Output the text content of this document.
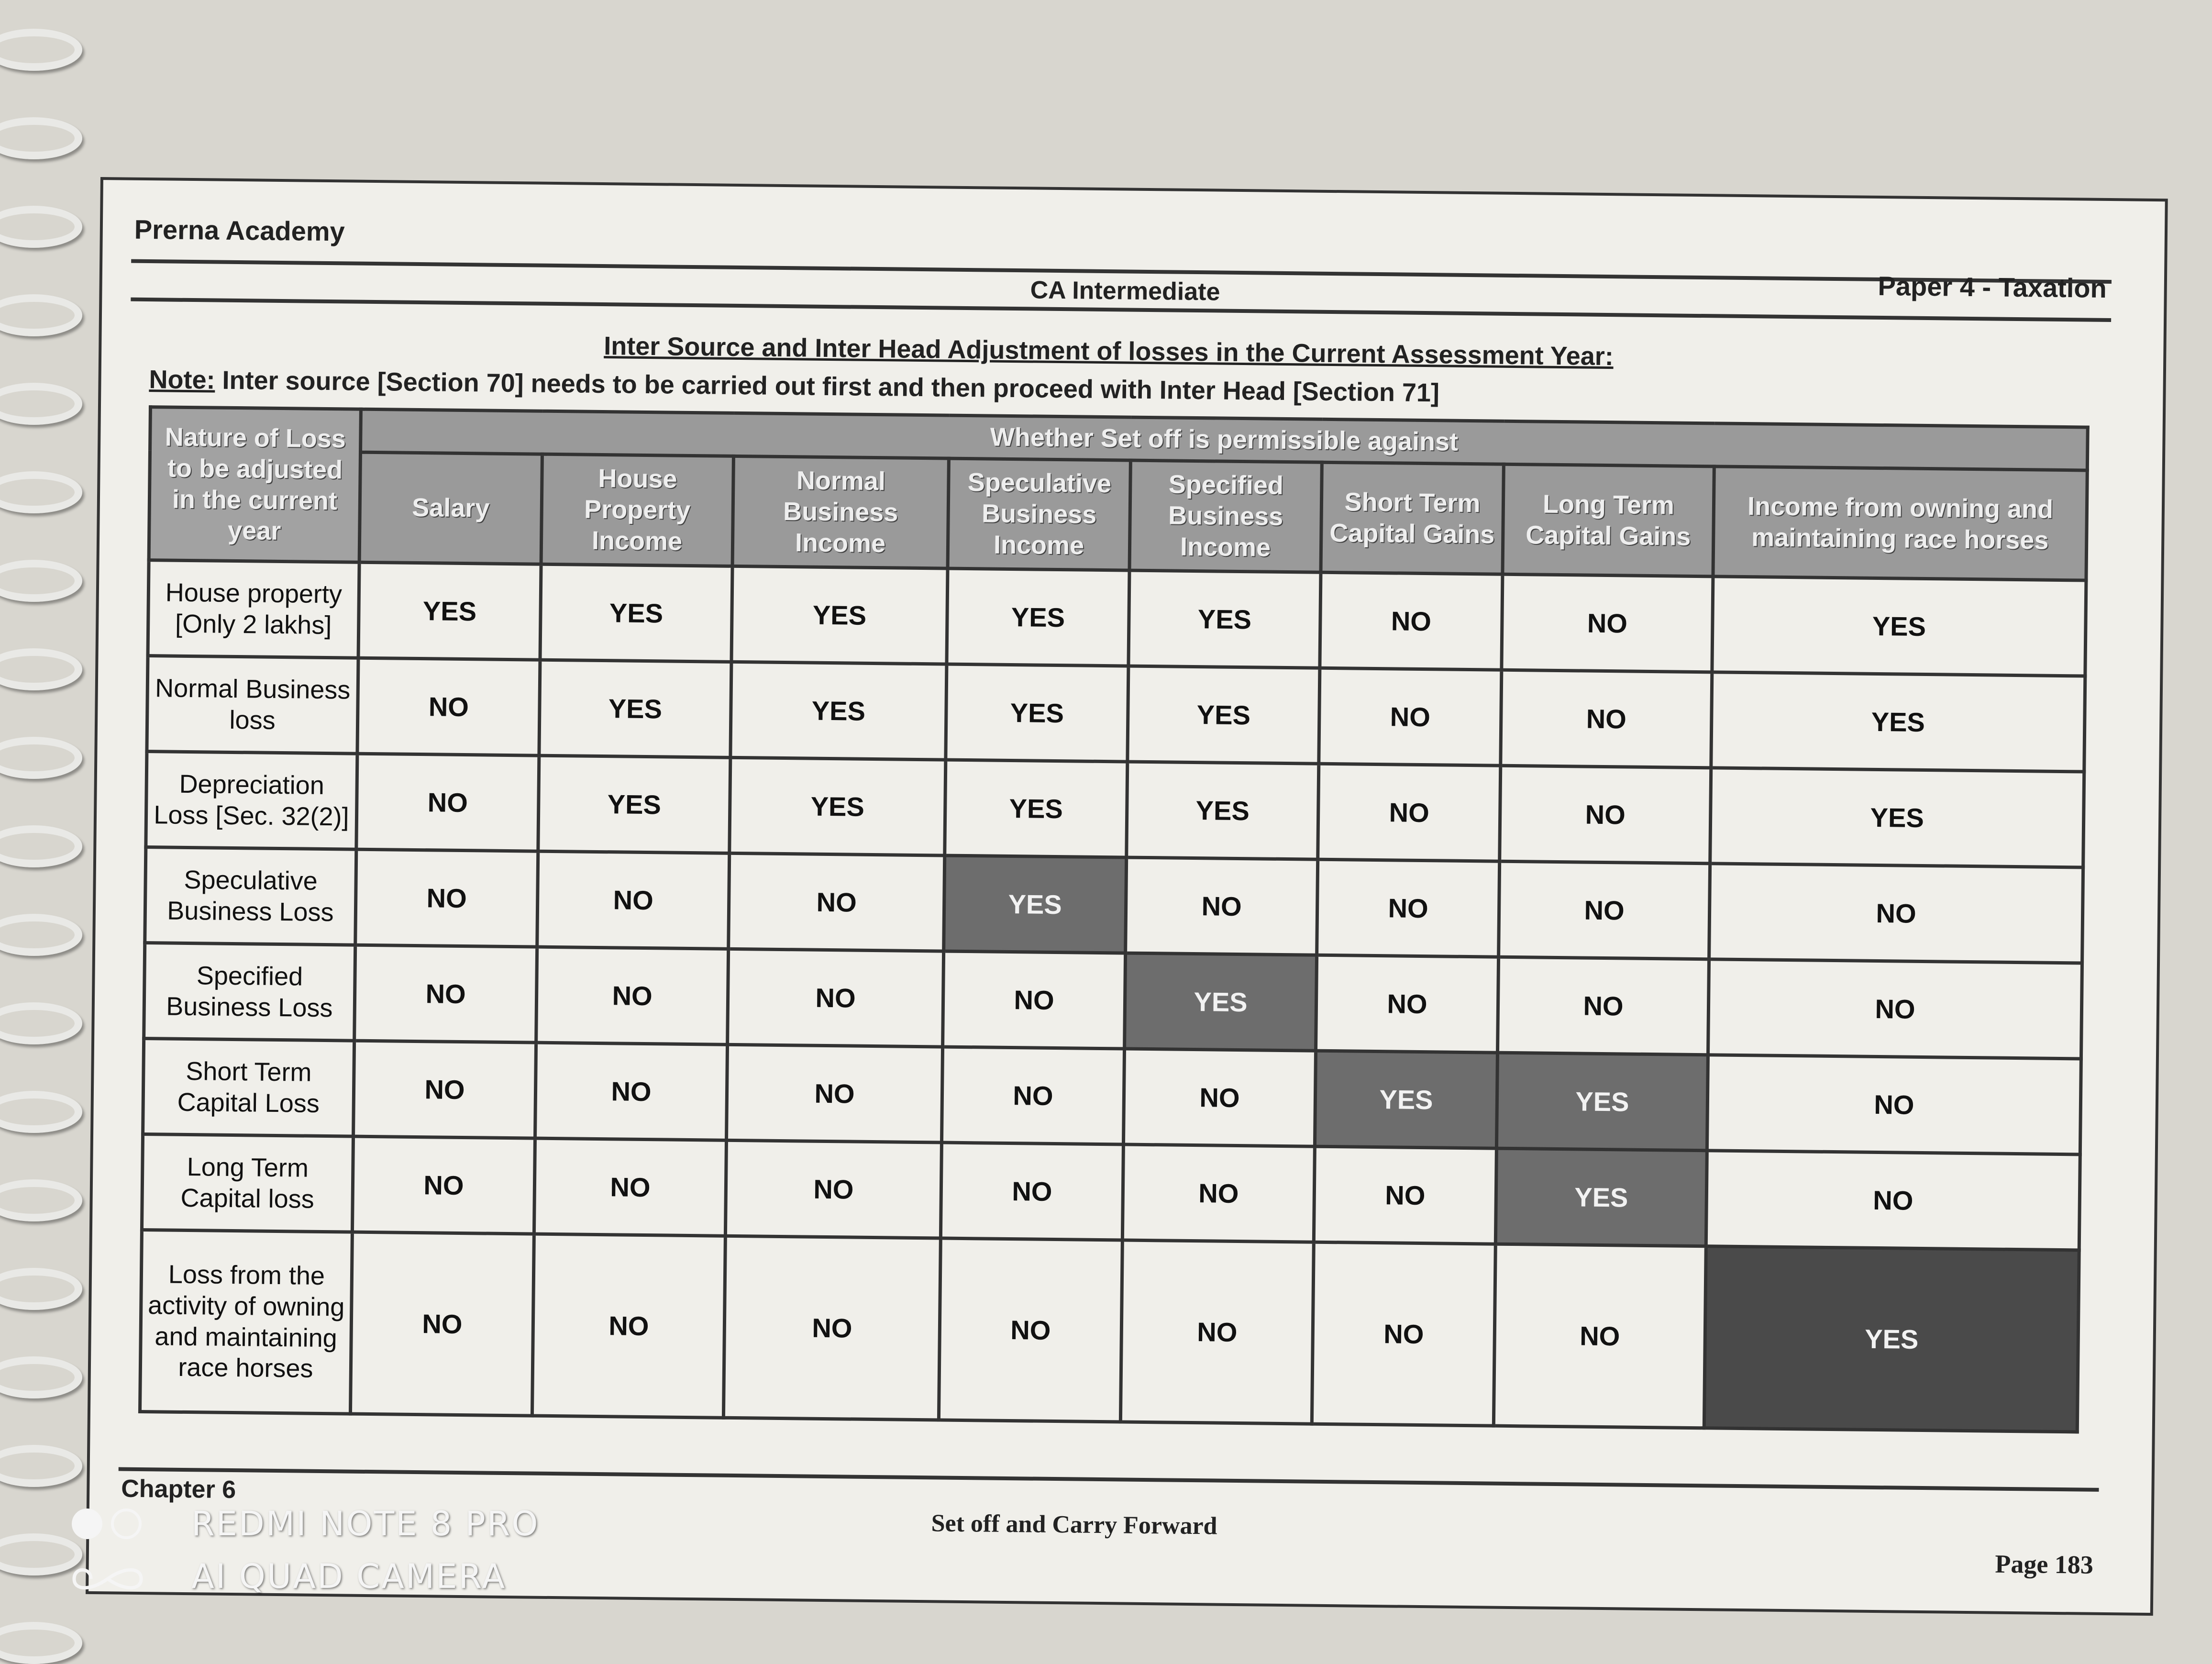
Prerna Academy
Paper 4 - Taxation
CA Intermediate
Inter Source and Inter Head Adjustment of losses in the Current Assessment Year:
Note: Inter source [Section 70] needs to be carried out first and then proceed with Inter Head [Section 71]
Nature of Loss to be adjusted in the current year	Whether Set off is permissible against							
	Salary	House Property Income	Normal Business Income	Speculative Business Income	Specified Business Income	Short Term Capital Gains	Long Term Capital Gains	Income from owning and maintaining race horses
House property [Only 2 lakhs]	YES	YES	YES	YES	YES	NO	NO	YES
Normal Business loss	NO	YES	YES	YES	YES	NO	NO	YES
Depreciation Loss [Sec. 32(2)]	NO	YES	YES	YES	YES	NO	NO	YES
Speculative Business Loss	NO	NO	NO	YES	NO	NO	NO	NO
Specified Business Loss	NO	NO	NO	NO	YES	NO	NO	NO
Short Term Capital Loss	NO	NO	NO	NO	NO	YES	YES	NO
Long Term Capital loss	NO	NO	NO	NO	NO	NO	YES	NO
Loss from the activity of owning and maintaining race horses	NO	NO	NO	NO	NO	NO	NO	YES
Chapter 6
Set off and Carry Forward
Page 183
REDMI NOTE 8 PRO
AI QUAD CAMERA
